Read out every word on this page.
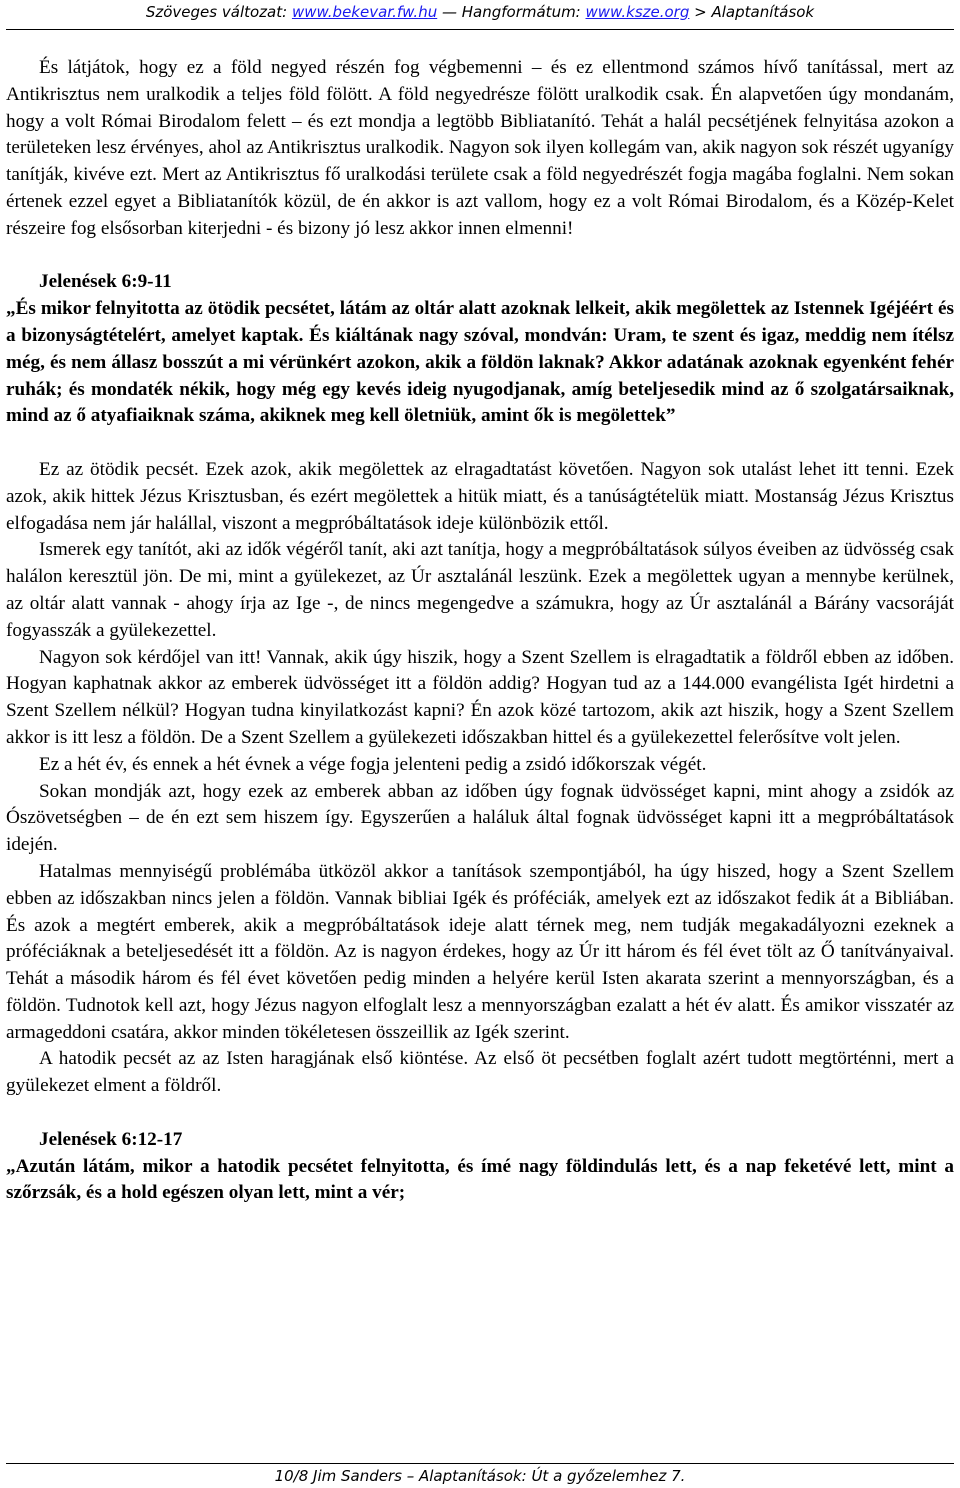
Szöveges változat: www.bekevar.fw.hu — Hangformátum: www.ksze.org > Alaptanítások

És látjátok, hogy ez a föld negyed részén fog végbemenni – és ez ellentmond számos hívő tanítással, mert az Antikrisztus nem uralkodik a teljes föld fölött. A föld negyedrésze fölött uralkodik csak. Én alapvetően úgy mondanám, hogy a volt Római Birodalom felett – és ezt mondja a legtöbb Bibliatanító. Tehát a halál pecsétjének felnyitása azokon a területeken lesz érvényes, ahol az Antikrisztus uralkodik. Nagyon sok ilyen kollegám van, akik nagyon sok részét ugyanígy tanítják, kivéve ezt. Mert az Antikrisztus fő uralkodási területe csak a föld negyedrészét fogja magába foglalni. Nem sokan értenek ezzel egyet a Bibliatanítók közül, de én akkor is azt vallom, hogy ez a volt Római Birodalom, és a Közép-Kelet részeire fog elsősorban kiterjedni - és bizony jó lesz akkor innen elmenni!

Jelenések 6:9-11

„És mikor felnyitotta az ötödik pecsétet, látám az oltár alatt azoknak lelkeit, akik megölettek az Istennek Igéjéért és a bizonyságtételért, amelyet kaptak. És kiáltának nagy szóval, mondván: Uram, te szent és igaz, meddig nem ítélsz még, és nem állasz bosszút a mi vérünkért azokon, akik a földön laknak? Akkor adatának azoknak egyenként fehér ruhák; és mondaték nékik, hogy még egy kevés ideig nyugodjanak, amíg beteljesedik mind az ő szolgatársaiknak, mind az ő atyafiaiknak száma, akiknek meg kell öletniük, amint ők is megölettek”

Ez az ötödik pecsét. Ezek azok, akik megölettek az elragadtatást követően. Nagyon sok utalást lehet itt tenni. Ezek azok, akik hittek Jézus Krisztusban, és ezért megölettek a hitük miatt, és a tanúságtételük miatt. Mostanság Jézus Krisztus elfogadása nem jár halállal, viszont a megpróbáltatások ideje különbözik ettől.

Ismerek egy tanítót, aki az idők végéről tanít, aki azt tanítja, hogy a megpróbáltatások súlyos éveiben az üdvösség csak halálon keresztül jön. De mi, mint a gyülekezet, az Úr asztalánál leszünk. Ezek a megölettek ugyan a mennybe kerülnek, az oltár alatt vannak - ahogy írja az Ige -, de nincs megengedve a számukra, hogy az Úr asztalánál a Bárány vacsoráját fogyasszák a gyülekezettel.

Nagyon sok kérdőjel van itt! Vannak, akik úgy hiszik, hogy a Szent Szellem is elragadtatik a földről ebben az időben. Hogyan kaphatnak akkor az emberek üdvösséget itt a földön addig? Hogyan tud az a 144.000 evangélista Igét hirdetni a Szent Szellem nélkül? Hogyan tudna kinyilatkozást kapni? Én azok közé tartozom, akik azt hiszik, hogy a Szent Szellem akkor is itt lesz a földön. De a Szent Szellem a gyülekezeti időszakban hittel és a gyülekezettel felerősítve volt jelen.

Ez a hét év, és ennek a hét évnek a vége fogja jelenteni pedig a zsidó időkorszak végét.

Sokan mondják azt, hogy ezek az emberek abban az időben úgy fognak üdvösséget kapni, mint ahogy a zsidók az Ószövetségben – de én ezt sem hiszem így. Egyszerűen a haláluk által fognak üdvösséget kapni itt a megpróbáltatások idején.

Hatalmas mennyiségű problémába ütközöl akkor a tanítások szempontjából, ha úgy hiszed, hogy a Szent Szellem ebben az időszakban nincs jelen a földön. Vannak bibliai Igék és próféciák, amelyek ezt az időszakot fedik át a Bibliában. És azok a megtért emberek, akik a megpróbáltatások ideje alatt térnek meg, nem tudják megakadályozni ezeknek a próféciáknak a beteljesedését itt a földön. Az is nagyon érdekes, hogy az Úr itt három és fél évet tölt az Ő tanítványaival. Tehát a második három és fél évet követően pedig minden a helyére kerül Isten akarata szerint a mennyországban, és a földön. Tudnotok kell azt, hogy Jézus nagyon elfoglalt lesz a mennyországban ezalatt a hét év alatt. És amikor visszatér az armageddoni csatára, akkor minden tökéletesen összeillik az Igék szerint.

A hatodik pecsét az az Isten haragjának első kiöntése. Az első öt pecsétben foglalt azért tudott megtörténni, mert a gyülekezet elment a földről.

Jelenések 6:12-17

„Azután látám, mikor a hatodik pecsétet felnyitotta, és ímé nagy földindulás lett, és a nap feketévé lett, mint a szőrzsák, és a hold egészen olyan lett, mint a vér;

10/8 Jim Sanders – Alaptanítások: Út a győzelemhez 7.
